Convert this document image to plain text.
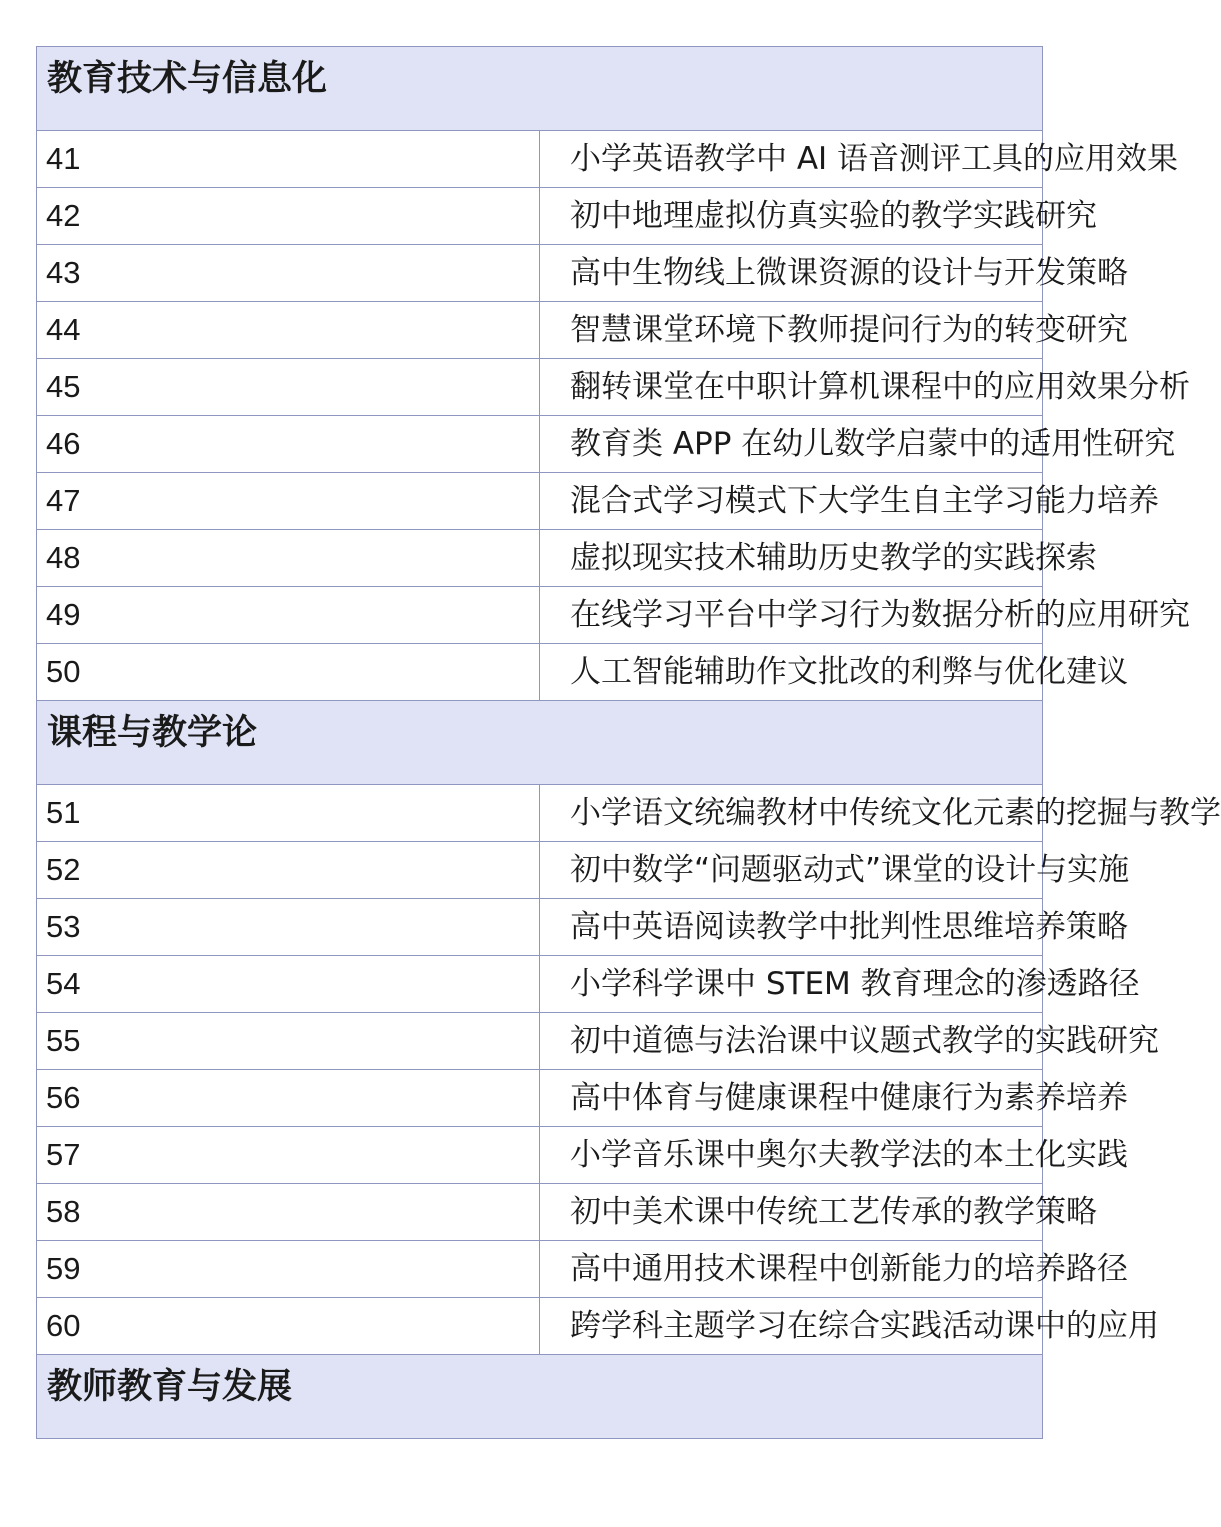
教育技术与信息化	

41	小学英语教学中 AI 语音测评工具的应用效果
42	初中地理虚拟仿真实验的教学实践研究
43	高中生物线上微课资源的设计与开发策略
44	智慧课堂环境下教师提问行为的转变研究
45	翻转课堂在中职计算机课程中的应用效果分析
46	教育类 APP 在幼儿数学启蒙中的适用性研究
47	混合式学习模式下大学生自主学习能力培养
48	虚拟现实技术辅助历史教学的实践探索
49	在线学习平台中学习行为数据分析的应用研究
50	人工智能辅助作文批改的利弊与优化建议

课程与教学论	

51	小学语文统编教材中传统文化元素的挖掘与教学
52	初中数学“问题驱动式”课堂的设计与实施
53	高中英语阅读教学中批判性思维培养策略
54	小学科学课中 STEM 教育理念的渗透路径
55	初中道德与法治课中议题式教学的实践研究
56	高中体育与健康课程中健康行为素养培养
57	小学音乐课中奥尔夫教学法的本土化实践
58	初中美术课中传统工艺传承的教学策略
59	高中通用技术课程中创新能力的培养路径
60	跨学科主题学习在综合实践活动课中的应用

教师教育与发展	
